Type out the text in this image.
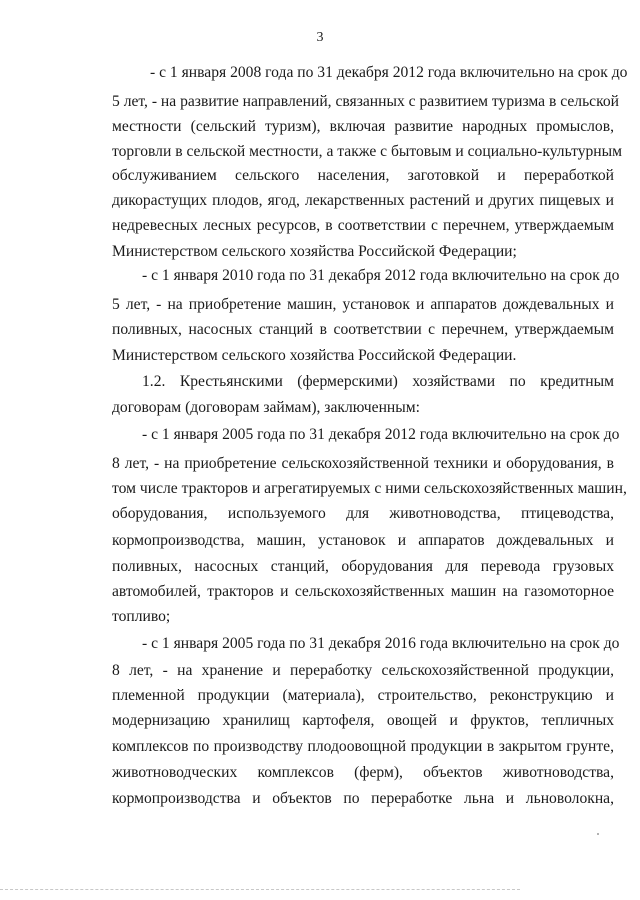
3
- с 1 января 2008 года по 31 декабря 2012 года включительно на срок до
5 лет, - на развитие направлений, связанных с развитием туризма в сельской
местности (сельский туризм), включая развитие народных промыслов,
торговли в сельской местности, а также с бытовым и социально-культурным
обслуживанием сельского населения, заготовкой и переработкой
дикорастущих плодов, ягод, лекарственных растений и других пищевых и
недревесных лесных ресурсов, в соответствии с перечнем, утверждаемым
Министерством сельского хозяйства Российской Федерации;
- с 1 января 2010 года по 31 декабря 2012 года включительно на срок до
5 лет, - на приобретение машин, установок и аппаратов дождевальных и
поливных, насосных станций в соответствии с перечнем, утверждаемым
Министерством сельского хозяйства Российской Федерации.
1.2. Крестьянскими (фермерскими) хозяйствами по кредитным
договорам (договорам займам), заключенным:
- с 1 января 2005 года по 31 декабря 2012 года включительно на срок до
8 лет, - на приобретение сельскохозяйственной техники и оборудования, в
том числе тракторов и агрегатируемых с ними сельскохозяйственных машин,
оборудования, используемого для животноводства, птицеводства,
кормопроизводства, машин, установок и аппаратов дождевальных и
поливных, насосных станций, оборудования для перевода грузовых
автомобилей, тракторов и сельскохозяйственных машин на газомоторное
топливо;
- с 1 января 2005 года по 31 декабря 2016 года включительно на срок до
8 лет, - на хранение и переработку сельскохозяйственной продукции,
племенной продукции (материала), строительство, реконструкцию и
модернизацию хранилищ картофеля, овощей и фруктов, тепличных
комплексов по производству плодоовощной продукции в закрытом грунте,
животноводческих комплексов (ферм), объектов животноводства,
кормопроизводства и объектов по переработке льна и льноволокна,
